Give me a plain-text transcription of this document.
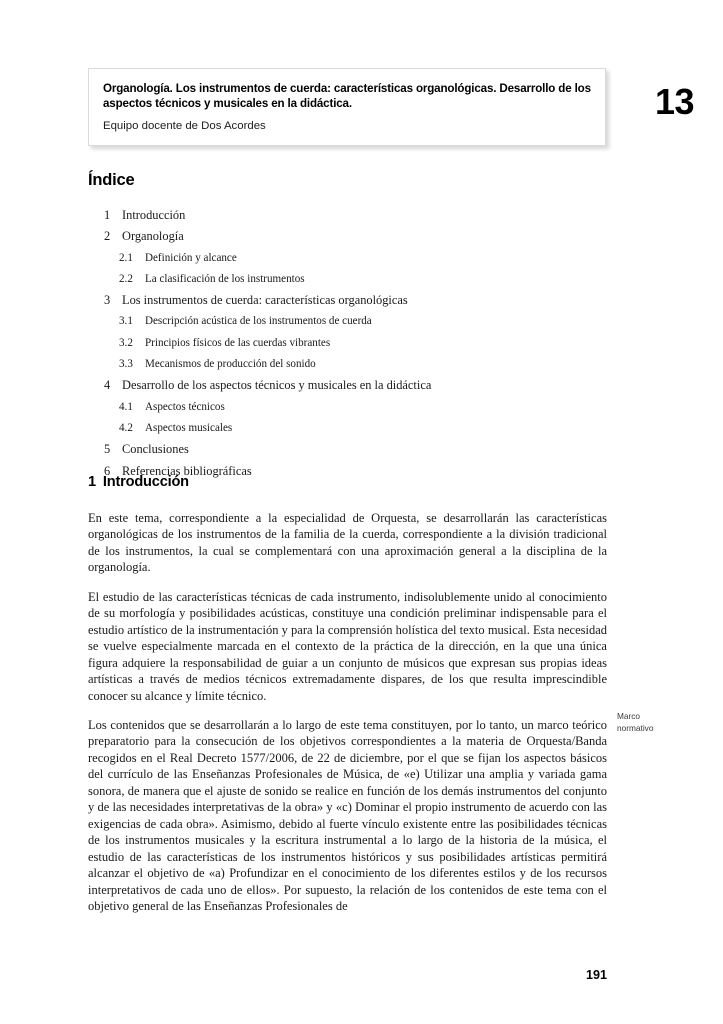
Organología. Los instrumentos de cuerda: características organológicas. Desarrollo de los aspectos técnicos y musicales en la didáctica.

Equipo docente de Dos Acordes

13
Índice
1 Introducción
2 Organología
2.1	Definición y alcance
2.2	La clasificación de los instrumentos
3 Los instrumentos de cuerda: características organológicas
3.1	Descripción acústica de los instrumentos de cuerda
3.2	Principios físicos de las cuerdas vibrantes
3.3	Mecanismos de producción del sonido
4 Desarrollo de los aspectos técnicos y musicales en la didáctica
4.1	Aspectos técnicos
4.2	Aspectos musicales
5 Conclusiones
6 Referencias bibliográficas
1 Introducción

En este tema, correspondiente a la especialidad de Orquesta, se desarrollarán las características organológicas de los instrumentos de la familia de la cuerda, correspondiente a la división tradicional de los instrumentos, la cual se complementará con una aproximación general a la disciplina de la organología.

El estudio de las características técnicas de cada instrumento, indisolublemente unido al conocimiento de su morfología y posibilidades acústicas, constituye una condición preliminar indispensable para el estudio artístico de la instrumentación y para la comprensión holística del texto musical. Esta necesidad se vuelve especialmente marcada en el contexto de la práctica de la dirección, en la que una única figura adquiere la responsabilidad de guiar a un conjunto de músicos que expresan sus propias ideas artísticas a través de medios técnicos extremadamente dispares, de los que resulta imprescindible conocer su alcance y límite técnico.

Los contenidos que se desarrollarán a lo largo de este tema constituyen, por lo tanto, un marco teórico preparatorio para la consecución de los objetivos correspondientes a la materia de Orquesta/Banda recogidos en el Real Decreto 1577/2006, de 22 de diciembre, por el que se fijan los aspectos básicos del currículo de las Enseñanzas Profesionales de Música, de «e) Utilizar una amplia y variada gama sonora, de manera que el ajuste de sonido se realice en función de los demás instrumentos del conjunto y de las necesidades interpretativas de la obra» y «c) Dominar el propio instrumento de acuerdo con las exigencias de cada obra». Asimismo, debido al fuerte vínculo existente entre las posibilidades técnicas de los instrumentos musicales y la escritura instrumental a lo largo de la historia de la música, el estudio de las características de los instrumentos históricos y sus posibilidades artísticas permitirá alcanzar el objetivo de «a) Profundizar en el conocimiento de los diferentes estilos y de los recursos interpretativos de cada uno de ellos». Por supuesto, la relación de los contenidos de este tema con el objetivo general de las Enseñanzas Profesionales de

Marco
normativo
191
